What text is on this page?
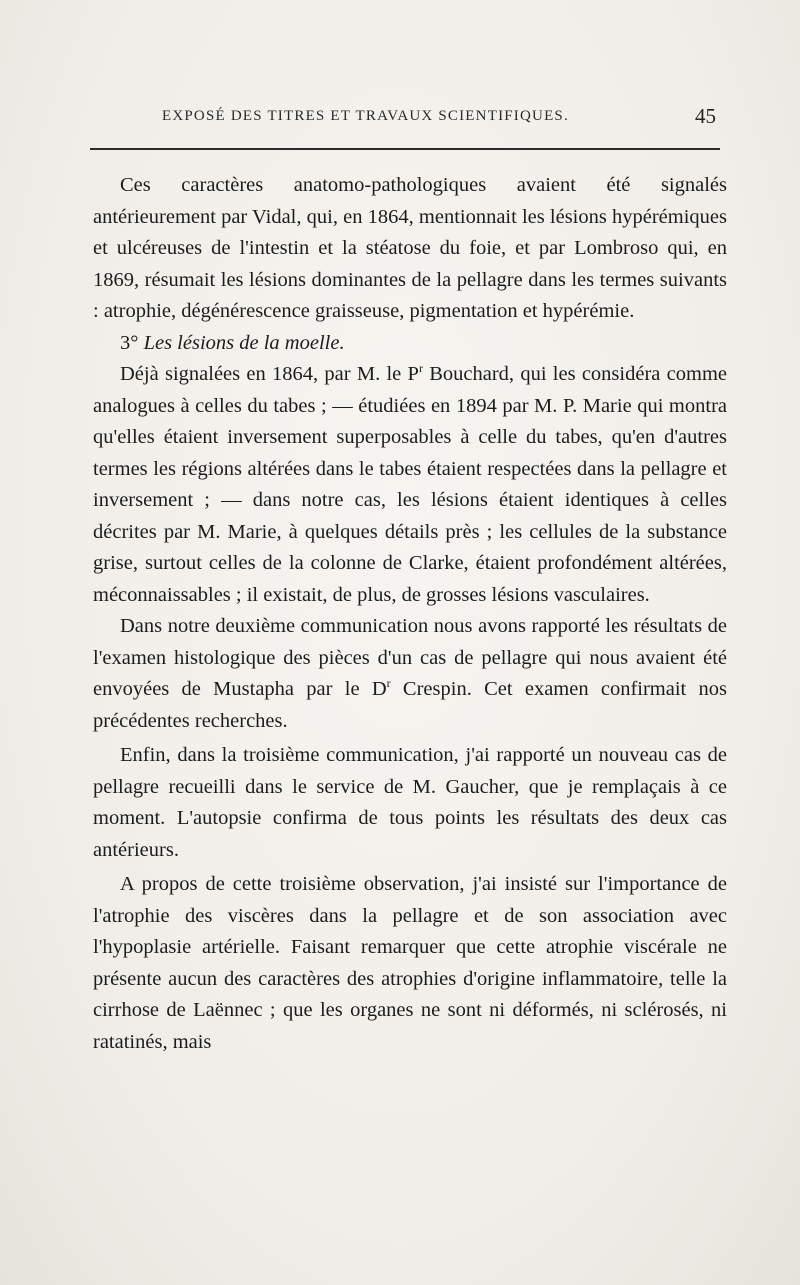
EXPOSÉ DES TITRES ET TRAVAUX SCIENTIFIQUES.	45

Ces caractères anatomo-pathologiques avaient été signalés antérieurement par Vidal, qui, en 1864, mentionnait les lésions hypérémiques et ulcéreuses de l'intestin et la stéatose du foie, et par Lombroso qui, en 1869, résumait les lésions dominantes de la pellagre dans les termes suivants : atrophie, dégénérescence graisseuse, pigmentation et hypérémie.

3° Les lésions de la moelle.

Déjà signalées en 1864, par M. le $P^r$ Bouchard, qui les considéra comme analogues à celles du tabes ; — étudiées en 1894 par M. P. Marie qui montra qu'elles étaient inversement superposables à celle du tabes, qu'en d'autres termes les régions altérées dans le tabes étaient respectées dans la pellagre et inversement ; — dans notre cas, les lésions étaient identiques à celles décrites par M. Marie, à quelques détails près ; les cellules de la substance grise, surtout celles de la colonne de Clarke, étaient profondément altérées, méconnaissables ; il existait, de plus, de grosses lésions vasculaires.

Dans notre deuxième communication nous avons rapporté les résultats de l'examen histologique des pièces d'un cas de pellagre qui nous avaient été envoyées de Mustapha par le $D^r$ Crespin. Cet examen confirmait nos précédentes recherches.

Enfin, dans la troisième communication, j'ai rapporté un nouveau cas de pellagre recueilli dans le service de M. Gaucher, que je remplaçais à ce moment. L'autopsie confirma de tous points les résultats des deux cas antérieurs.

A propos de cette troisième observation, j'ai insisté sur l'importance de l'atrophie des viscères dans la pellagre et de son association avec l'hypoplasie artérielle. Faisant remarquer que cette atrophie viscérale ne présente aucun des caractères des atrophies d'origine inflammatoire, telle la cirrhose de Laënnec ; que les organes ne sont ni déformés, ni sclérosés, ni ratatinés, mais
